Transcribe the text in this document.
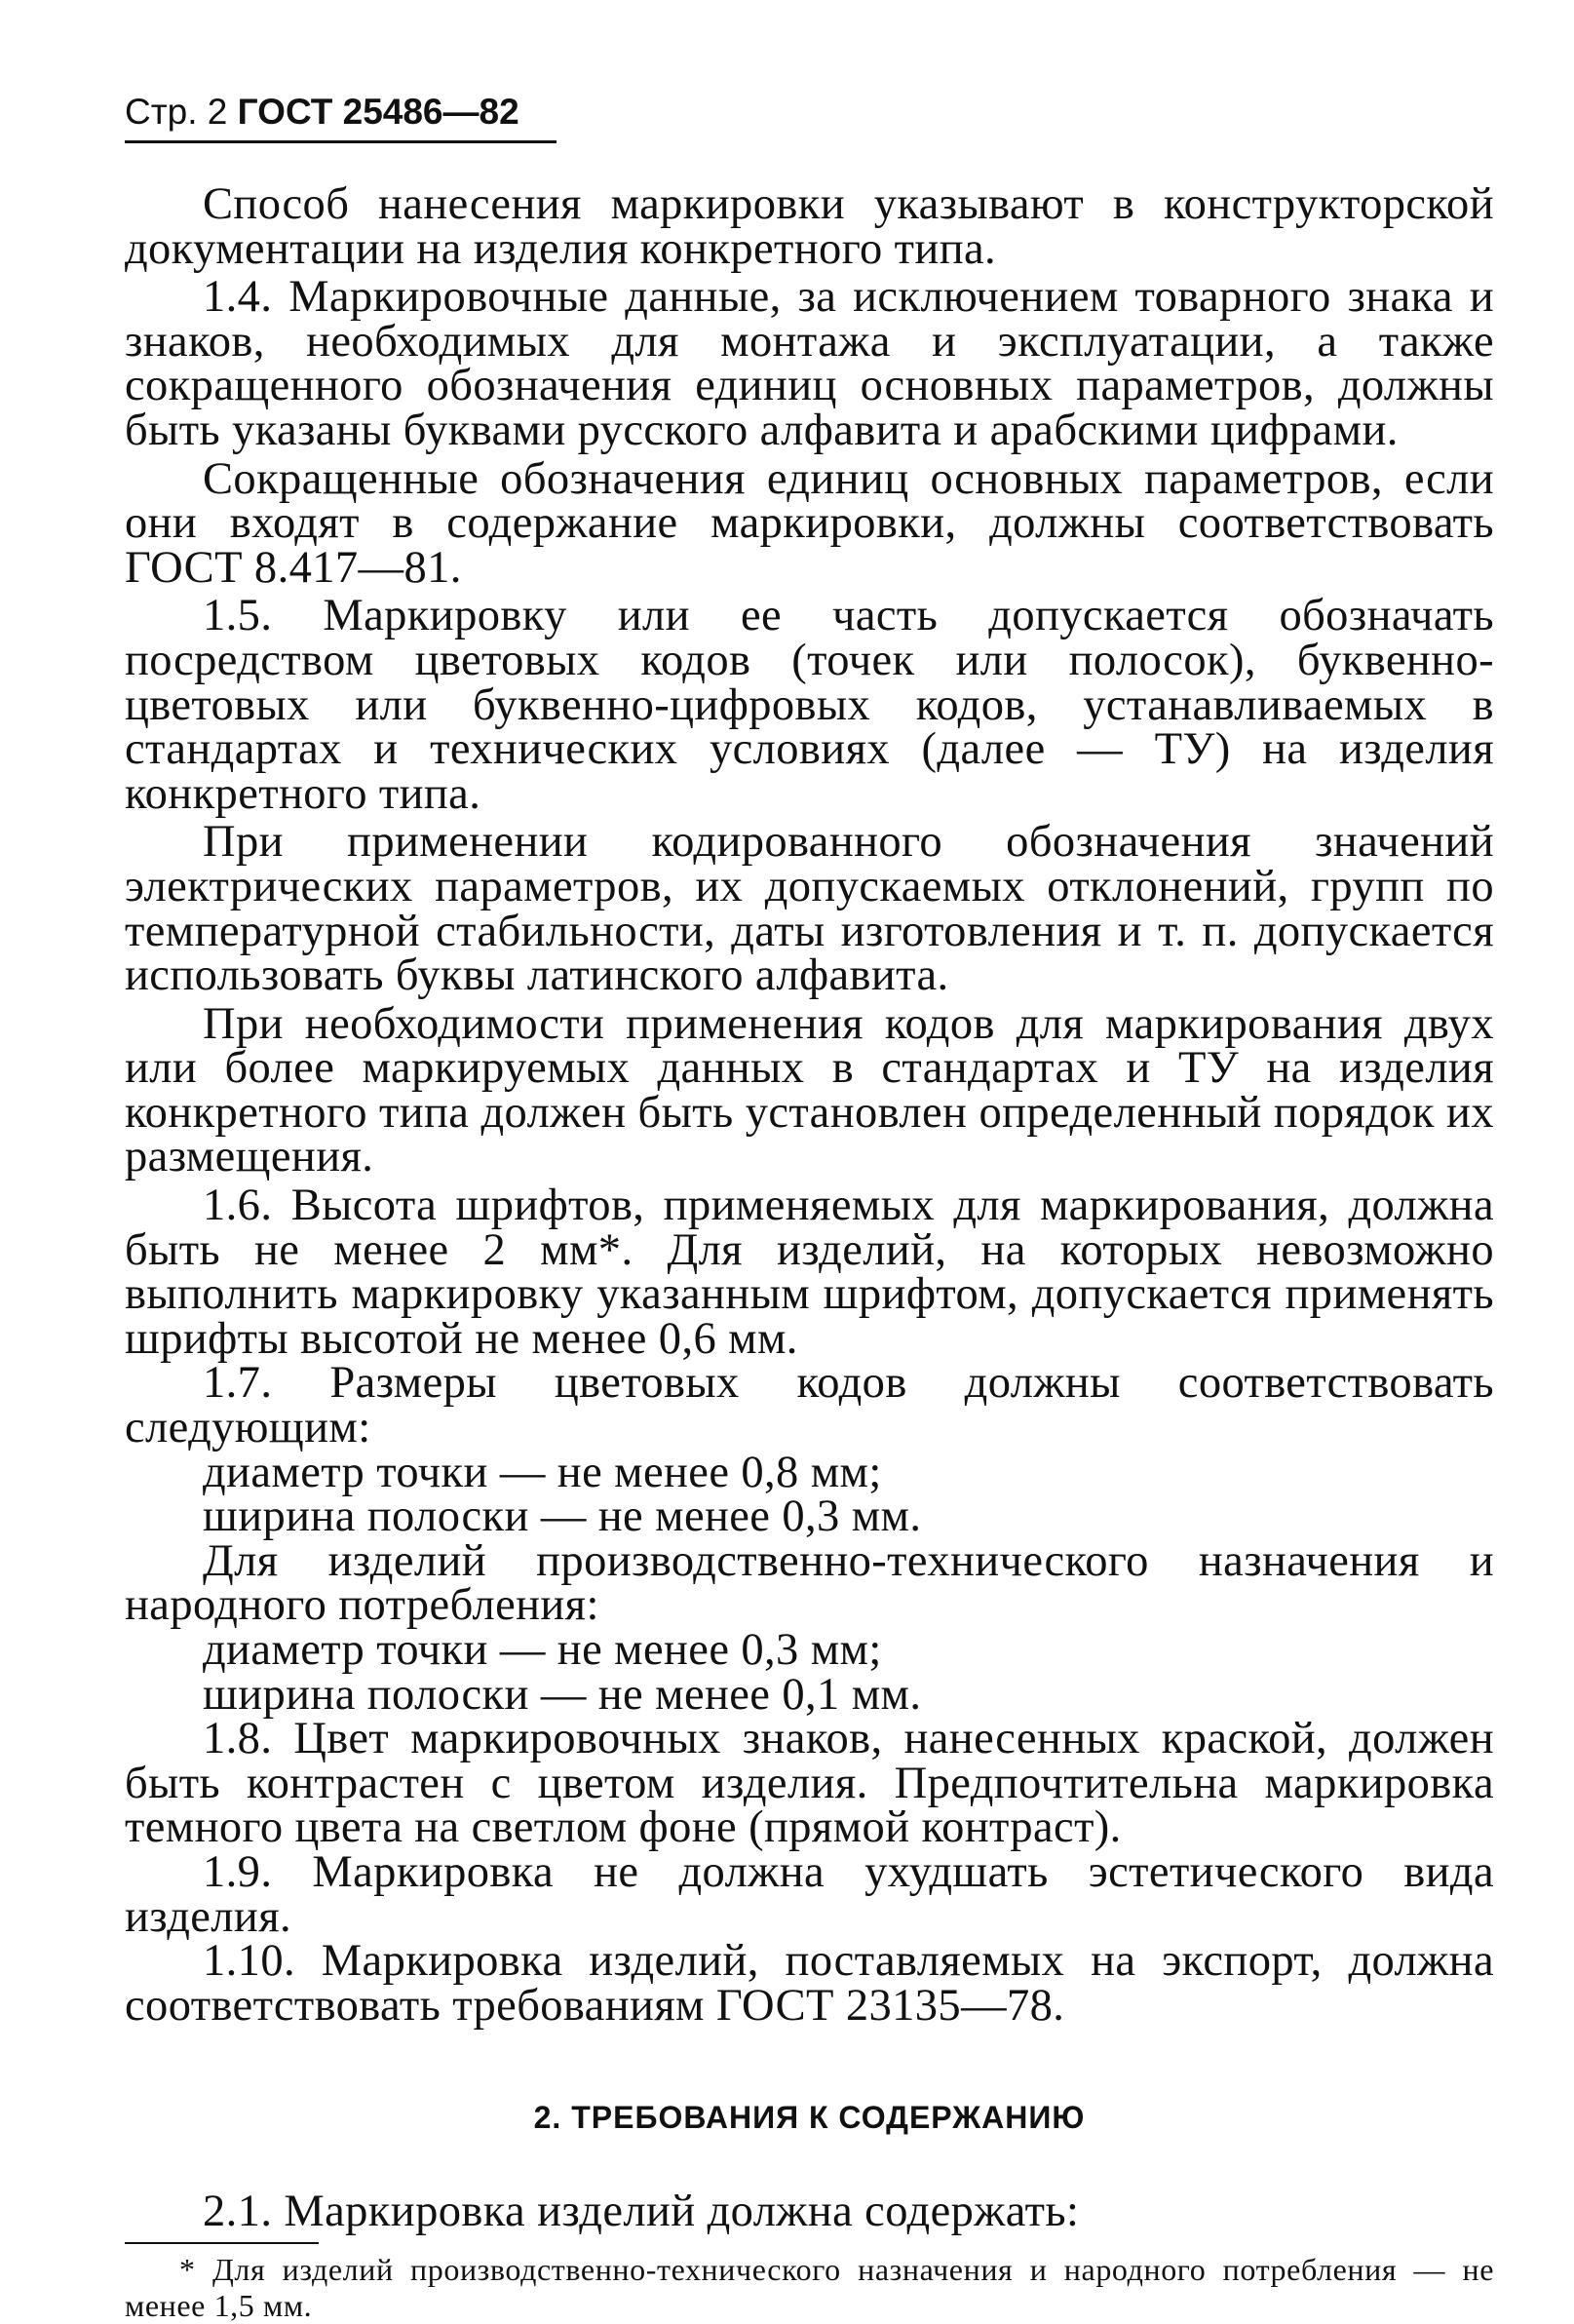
Стр. 2 ГОСТ 25486—82

Способ нанесения маркировки указывают в конструкторской документации на изделия конкретного типа.

1.4. Маркировочные данные, за исключением товарного знака и знаков, необходимых для монтажа и эксплуатации, а также сокращенного обозначения единиц основных параметров, должны быть указаны буквами русского алфавита и арабскими цифрами.

Сокращенные обозначения единиц основных параметров, если они входят в содержание маркировки, должны соответствовать ГОСТ 8.417—81.

1.5. Маркировку или ее часть допускается обозначать посредством цветовых кодов (точек или полосок), буквенно-цветовых или буквенно-цифровых кодов, устанавливаемых в стандартах и технических условиях (далее — ТУ) на изделия конкретного типа.

При применении кодированного обозначения значений электрических параметров, их допускаемых отклонений, групп по температурной стабильности, даты изготовления и т. п. допускается использовать буквы латинского алфавита.

При необходимости применения кодов для маркирования двух или более маркируемых данных в стандартах и ТУ на изделия конкретного типа должен быть установлен определенный порядок их размещения.

1.6. Высота шрифтов, применяемых для маркирования, должна быть не менее 2 мм*. Для изделий, на которых невозможно выполнить маркировку указанным шрифтом, допускается применять шрифты высотой не менее 0,6 мм.

1.7. Размеры цветовых кодов должны соответствовать следующим:

диаметр точки — не менее 0,8 мм;

ширина полоски — не менее 0,3 мм.

Для изделий производственно-технического назначения и народного потребления:

диаметр точки — не менее 0,3 мм;

ширина полоски — не менее 0,1 мм.

1.8. Цвет маркировочных знаков, нанесенных краской, должен быть контрастен с цветом изделия. Предпочтительна маркировка темного цвета на светлом фоне (прямой контраст).

1.9. Маркировка не должна ухудшать эстетического вида изделия.

1.10. Маркировка изделий, поставляемых на экспорт, должна соответствовать требованиям ГОСТ 23135—78.

2. ТРЕБОВАНИЯ К СОДЕРЖАНИЮ

2.1. Маркировка изделий должна содержать:

* Для изделий производственно-технического назначения и народного потребления — не менее 1,5 мм.
